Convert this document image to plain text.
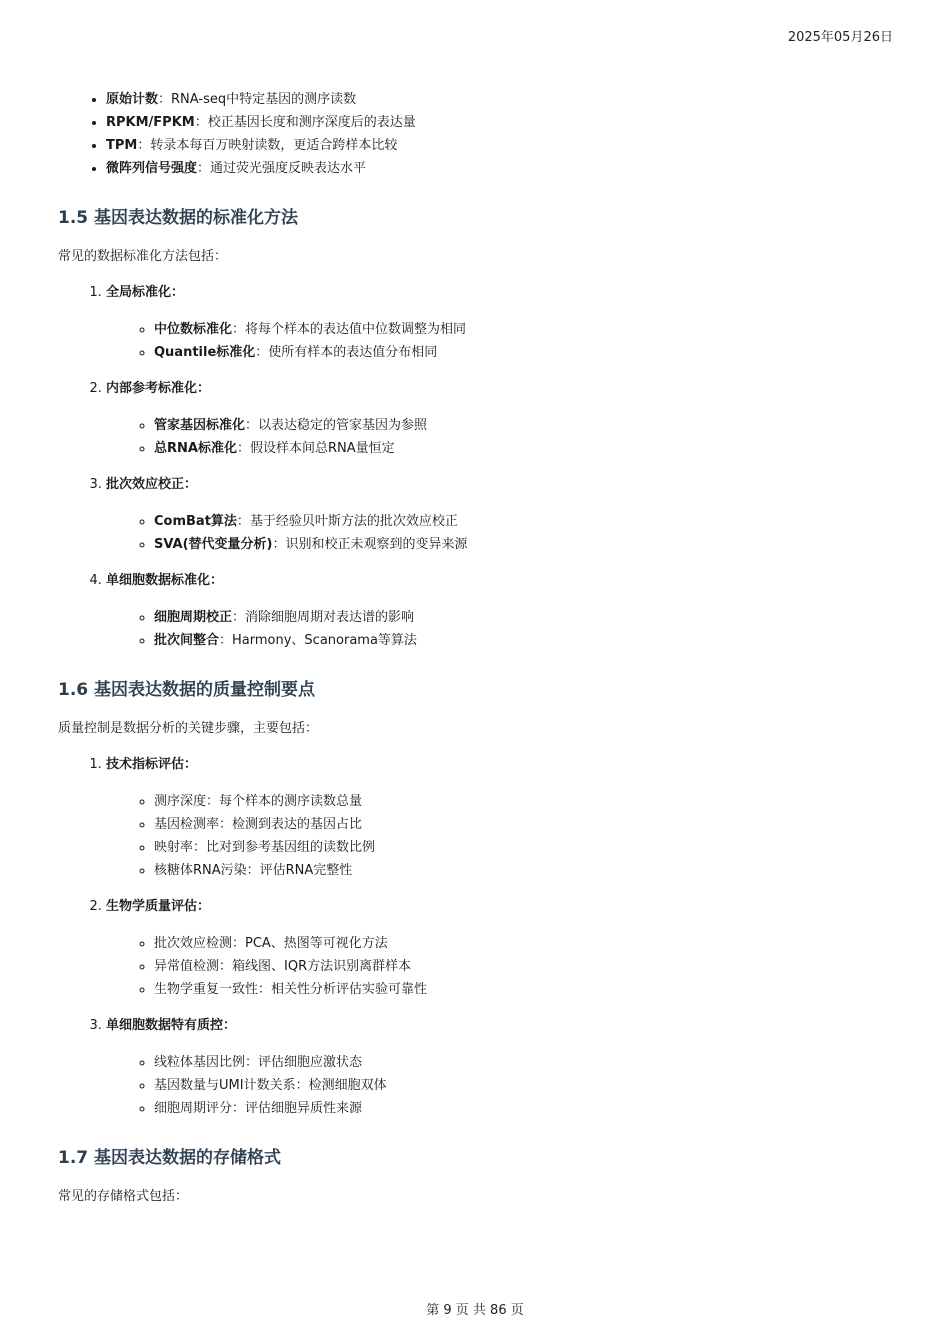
2025年05月26日
• 原始计数：RNA-seq中特定基因的测序读数
• RPKM/FPKM：校正基因长度和测序深度后的表达量
• TPM：转录本每百万映射读数，更适合跨样本比较
• 微阵列信号强度：通过荧光强度反映表达水平
1.5 基因表达数据的标准化方法

常见的数据标准化方法包括：

1. 全局标准化：
◦ 中位数标准化：将每个样本的表达值中位数调整为相同
◦ Quantile标准化：使所有样本的表达值分布相同
2. 内部参考标准化：
◦ 管家基因标准化：以表达稳定的管家基因为参照
◦ 总RNA标准化：假设样本间总RNA量恒定
3. 批次效应校正：
◦ ComBat算法：基于经验贝叶斯方法的批次效应校正
◦ SVA(替代变量分析)：识别和校正未观察到的变异来源
4. 单细胞数据标准化：
◦ 细胞周期校正：消除细胞周期对表达谱的影响
◦ 批次间整合：Harmony、Scanorama等算法
1.6 基因表达数据的质量控制要点

质量控制是数据分析的关键步骤，主要包括：

1. 技术指标评估：
◦ 测序深度：每个样本的测序读数总量
◦ 基因检测率：检测到表达的基因占比
◦ 映射率：比对到参考基因组的读数比例
◦ 核糖体RNA污染：评估RNA完整性
2. 生物学质量评估：
◦ 批次效应检测：PCA、热图等可视化方法
◦ 异常值检测：箱线图、IQR方法识别离群样本
◦ 生物学重复一致性：相关性分析评估实验可靠性
3. 单细胞数据特有质控：
◦ 线粒体基因比例：评估细胞应激状态
◦ 基因数量与UMI计数关系：检测细胞双体
◦ 细胞周期评分：评估细胞异质性来源
1.7 基因表达数据的存储格式

常见的存储格式包括：

第 9 页 共 86 页
